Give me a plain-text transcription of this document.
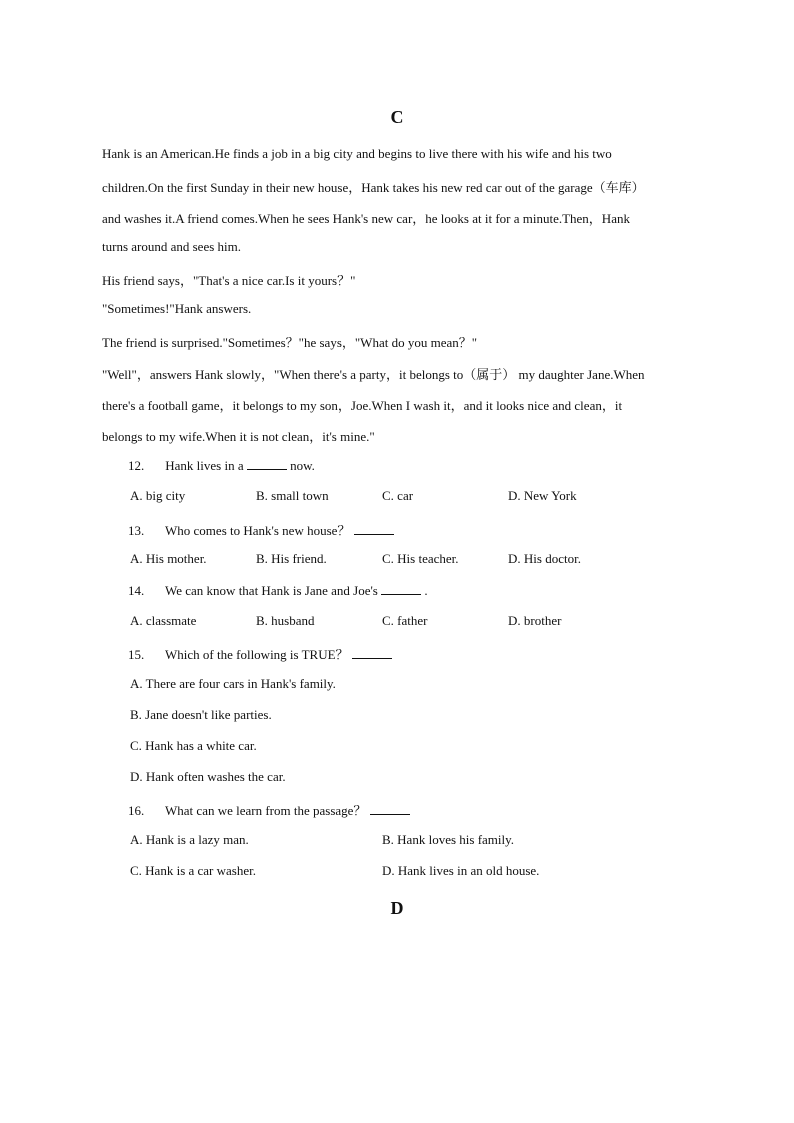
C
Hank is an American.He finds a job in a big city and begins to live there with his wife and his two
children.On the first Sunday in their new house，Hank takes his new red car out of the garage（车库）
and washes it.A friend comes.When he sees Hank's new car，he looks at it for a minute.Then，Hank
turns around and sees him.
His friend says，"That's a nice car.Is it yours？"
"Sometimes!"Hank answers.
The friend is surprised."Sometimes？"he says，"What do you mean？"
"Well"，answers Hank slowly，"When there's a party，it belongs to（属于） my daughter Jane.When
there's a football game，it belongs to my son，Joe.When I wash it，and it looks nice and clean，it
belongs to my wife.When it is not clean，it's mine."
12. Hank lives in a	now.
A. big city	B. small town	C. car	D. New York
13. Who comes to Hank's new house？
A. His mother.	B. His friend.	C. His teacher.	D. His doctor.
14. We can know that Hank is Jane and Joe's	.
A. classmate	B. husband	C. father	D. brother
15. Which of the following is TRUE？
A. There are four cars in Hank's family.
B. Jane doesn't like parties.
C. Hank has a white car.
D. Hank often washes the car.
16. What can we learn from the passage？
A. Hank is a lazy man.	B. Hank loves his family.
C. Hank is a car washer.	D. Hank lives in an old house.
D
